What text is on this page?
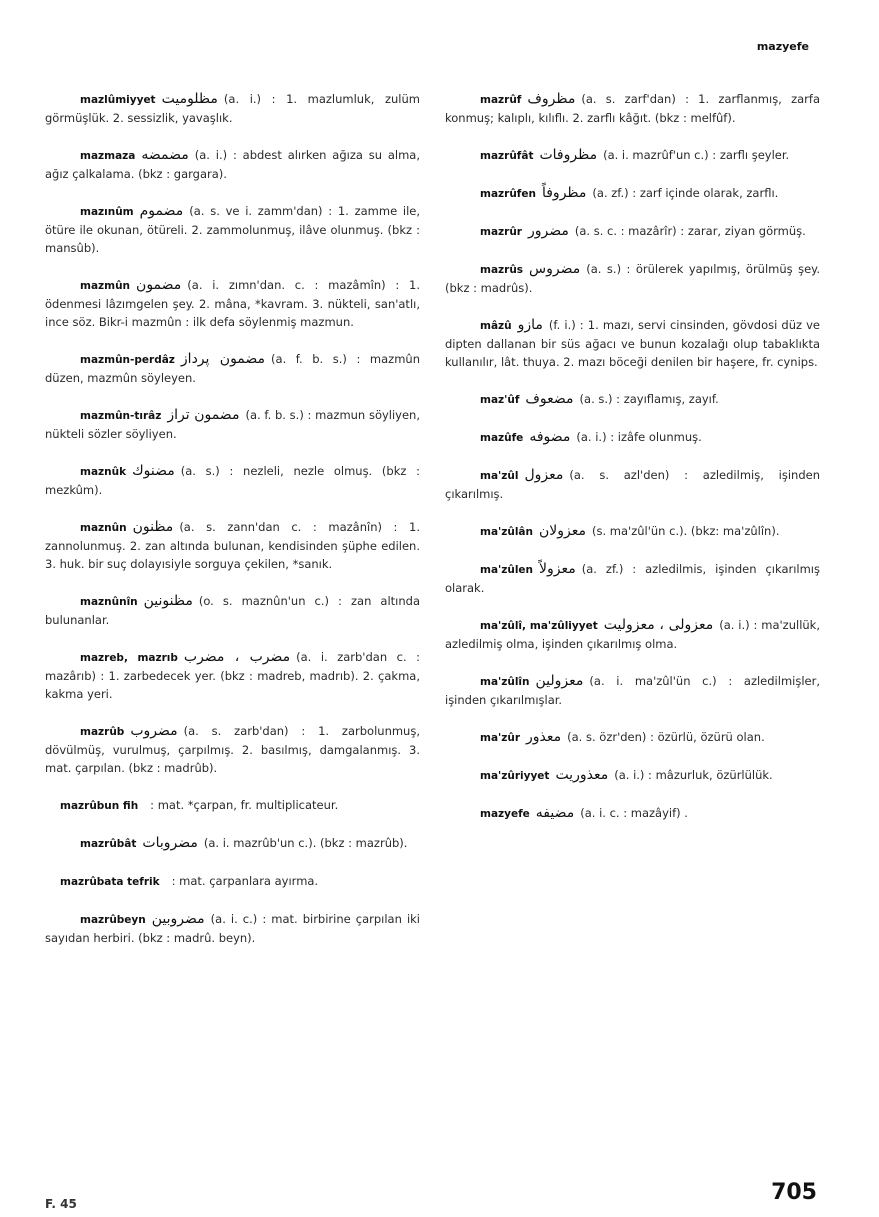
mazyefe
mazlûmiyyet مظلوميت (a. i.) : 1. mazlumluk, zulüm görmüşlük. 2. sessizlik, yavaşlık.
mazmaza مضمضه (a. i.) : abdest alırken ağıza su alma, ağız çalkalama. (bkz : gargara).
mazınûm مضموم (a. s. ve i. zamm'dan) : 1. zamme ile, ötüre ile okunan, ötüreli. 2. zammolunmuş, ilâve olunmuş. (bkz : mansûb).
mazmûn مضمون (a. i. zımn'dan. c. : mazâmîn) : 1. ödenmesi lâzımgelen şey. 2. mâna, *kavram. 3. nükteli, san'atlı, ince söz. Bikr-i mazmûn : ilk defa söylenmiş mazmun.
mazmûn-perdâz مضمون پرداز (a. f. b. s.) : mazmûn düzen, mazmûn söyleyen.
mazmûn-tırâz مضمون تراز (a. f. b. s.) : mazmun söyliyen, nükteli sözler söyliyen.
maznûk مضنوك (a. s.) : nezleli, nezle olmuş. (bkz : mezkûm).
maznûn مظنون (a. s. zann'dan c. : mazânîn) : 1. zannolunmuş. 2. zan altında bulunan, kendisinden şüphe edilen. 3. huk. bir suç dolayısiyle sorguya çekilen, *sanık.
maznûnîn مظنونين (o. s. maznûn'un c.) : zan altında bulunanlar.
mazreb, mazrıb مضرب ، مضرب (a. i. zarb'dan c. : mazârıb) : 1. zarbedecek yer. (bkz : madreb, madrıb). 2. çakma, kakma yeri.
mazrûb مضروب (a. s. zarb'dan) : 1. zarbolunmuş, dövülmüş, vurulmuş, çarpılmış. 2. basılmış, damgalanmış. 3. mat. çarpılan. (bkz : madrûb).
mazrûbun fih : mat. *çarpan, fr. multiplicateur.
mazrûbât مضروبات (a. i. mazrûb'un c.). (bkz : mazrûb).
mazrûbata tefrik : mat. çarpanlara ayırma.
mazrûbeyn مضروبين (a. i. c.) : mat. birbirine çarpılan iki sayıdan herbiri. (bkz : madrû. beyn).
mazrûf مظروف (a. s. zarf'dan) : 1. zarflanmış, zarfa konmuş; kalıplı, kılıflı. 2. zarflı kâğıt. (bkz : melfûf).
mazrûfât مظروفات (a. i. mazrûf'un c.) : zarflı şeyler.
mazrûfen مظروفاً (a. zf.) : zarf içinde olarak, zarflı.
mazrûr مضرور (a. s. c. : mazârîr) : zarar, ziyan görmüş.
mazrûs مضروس (a. s.) : örülerek yapılmış, örülmüş şey. (bkz : madrûs).
mâzû مازو (f. i.) : 1. mazı, servi cinsinden, gövdosi düz ve dipten dallanan bir süs ağacı ve bunun kozalağı olup tabaklıkta kullanılır, lât. thuya. 2. mazı böceği denilen bir haşere, fr. cynips.
maz'ûf مضعوف (a. s.) : zayıflamış, zayıf.
mazûfe مضوفه (a. i.) : izâfe olunmuş.
ma'zûl معزول (a. s. azl'den) : azledilmiş, işinden çıkarılmış.
ma'zûlân معزولان (s. ma'zûl'ün c.). (bkz: ma'zûlîn).
ma'zûlen معزولاً (a. zf.) : azledilmis, işinden çıkarılmış olarak.
ma'zûlî, ma'zûliyyet معزولى ، معزوليت (a. i.) : ma'zullük, azledilmiş olma, işinden çıkarılmış olma.
ma'zûlîn معزولين (a. i. ma'zûl'ün c.) : azledilmişler, işinden çıkarılmışlar.
ma'zûr معذور (a. s. özr'den) : özürlü, özürü olan.
ma'zûriyyet معذوريت (a. i.) : mâzurluk, özürlülük.
mazyefe مضيفه (a. i. c. : mazâyif) .
F. 45	705
